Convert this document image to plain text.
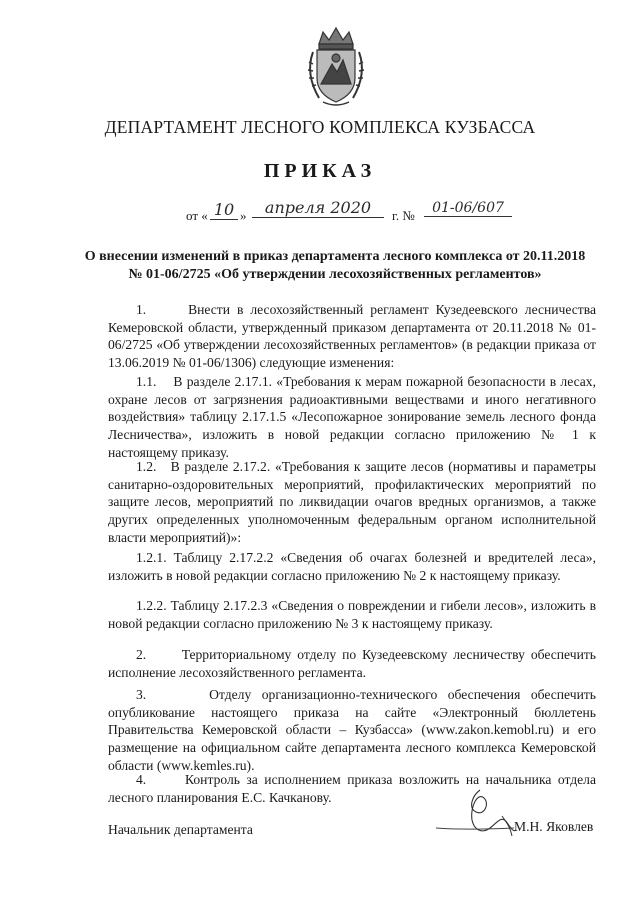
ДЕПАРТАМЕНТ ЛЕСНОГО КОМПЛЕКСА КУЗБАССА
ПРИКАЗ
от « 10 »	апреля 2020	г. №	01-06/607
О внесении изменений в приказ департамента лесного комплекса от 20.11.2018 № 01-06/2725 «Об утверждении лесохозяйственных регламентов»
1.	Внести в лесохозяйственный регламент Кузедеевского лесничества Кемеровской области, утвержденный приказом департамента от 20.11.2018 № 01-06/2725 «Об утверждении лесохозяйственных регламентов» (в редакции приказа от 13.06.2019 № 01-06/1306) следующие изменения:
1.1. В разделе 2.17.1. «Требования к мерам пожарной безопасности в лесах, охране лесов от загрязнения радиоактивными веществами и иного негативного воздействия» таблицу 2.17.1.5 «Лесопожарное зонирование земель лесного фонда Лесничества», изложить в новой редакции согласно приложению № 1 к настоящему приказу.
1.2. В разделе 2.17.2. «Требования к защите лесов (нормативы и параметры санитарно-оздоровительных мероприятий, профилактических мероприятий по защите лесов, мероприятий по ликвидации очагов вредных организмов, а также других определенных уполномоченным федеральным органом исполнительной власти мероприятий)»:
1.2.1. Таблицу 2.17.2.2 «Сведения об очагах болезней и вредителей леса», изложить в новой редакции согласно приложению № 2 к настоящему приказу.
1.2.2. Таблицу 2.17.2.3 «Сведения о повреждении и гибели лесов», изложить в новой редакции согласно приложению № 3 к настоящему приказу.
2.	Территориальному отделу по Кузедеевскому лесничеству обеспечить исполнение лесохозяйственного регламента.
3.	Отделу организационно-технического обеспечения обеспечить опубликование настоящего приказа на сайте «Электронный бюллетень Правительства Кемеровской области – Кузбасса» (www.zakon.kemobl.ru) и его размещение на официальном сайте департамента лесного комплекса Кемеровской области (www.kemles.ru).
4.	Контроль за исполнением приказа возложить на начальника отдела лесного планирования Е.С. Качканову.
Начальник департамента	М.Н. Яковлев
